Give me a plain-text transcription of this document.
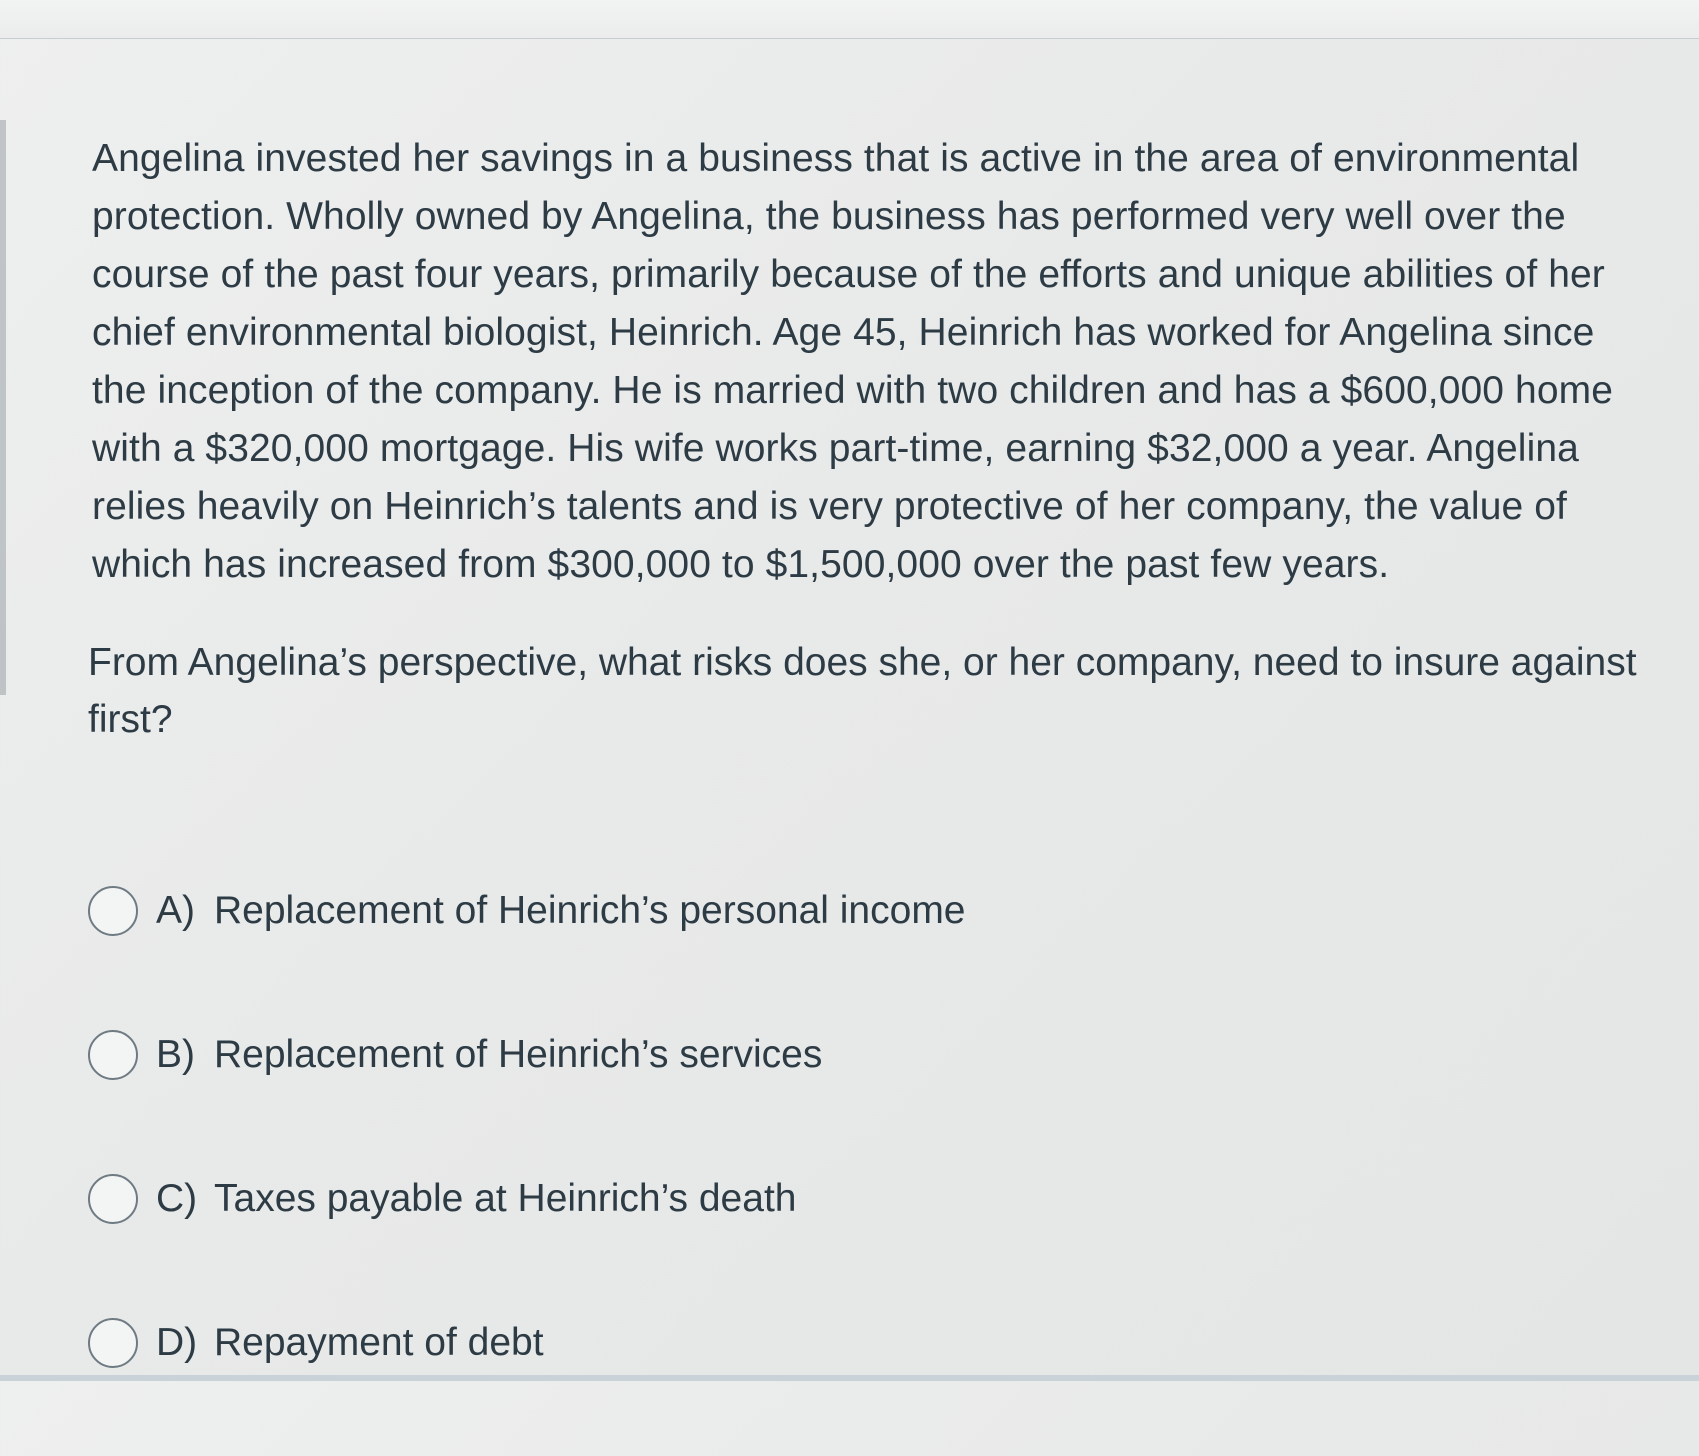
Angelina invested her savings in a business that is active in the area of environmental protection. Wholly owned by Angelina, the business has performed very well over the course of the past four years, primarily because of the efforts and unique abilities of her chief environmental biologist, Heinrich. Age 45, Heinrich has worked for Angelina since the inception of the company. He is married with two children and has a $600,000 home with a $320,000 mortgage. His wife works part-time, earning $32,000 a year. Angelina relies heavily on Heinrich’s talents and is very protective of her company, the value of which has increased from $300,000 to $1,500,000 over the past few years.

From Angelina’s perspective, what risks does she, or her company, need to insure against first?

A) Replacement of Heinrich’s personal income
B) Replacement of Heinrich’s services
C) Taxes payable at Heinrich’s death
D) Repayment of debt
